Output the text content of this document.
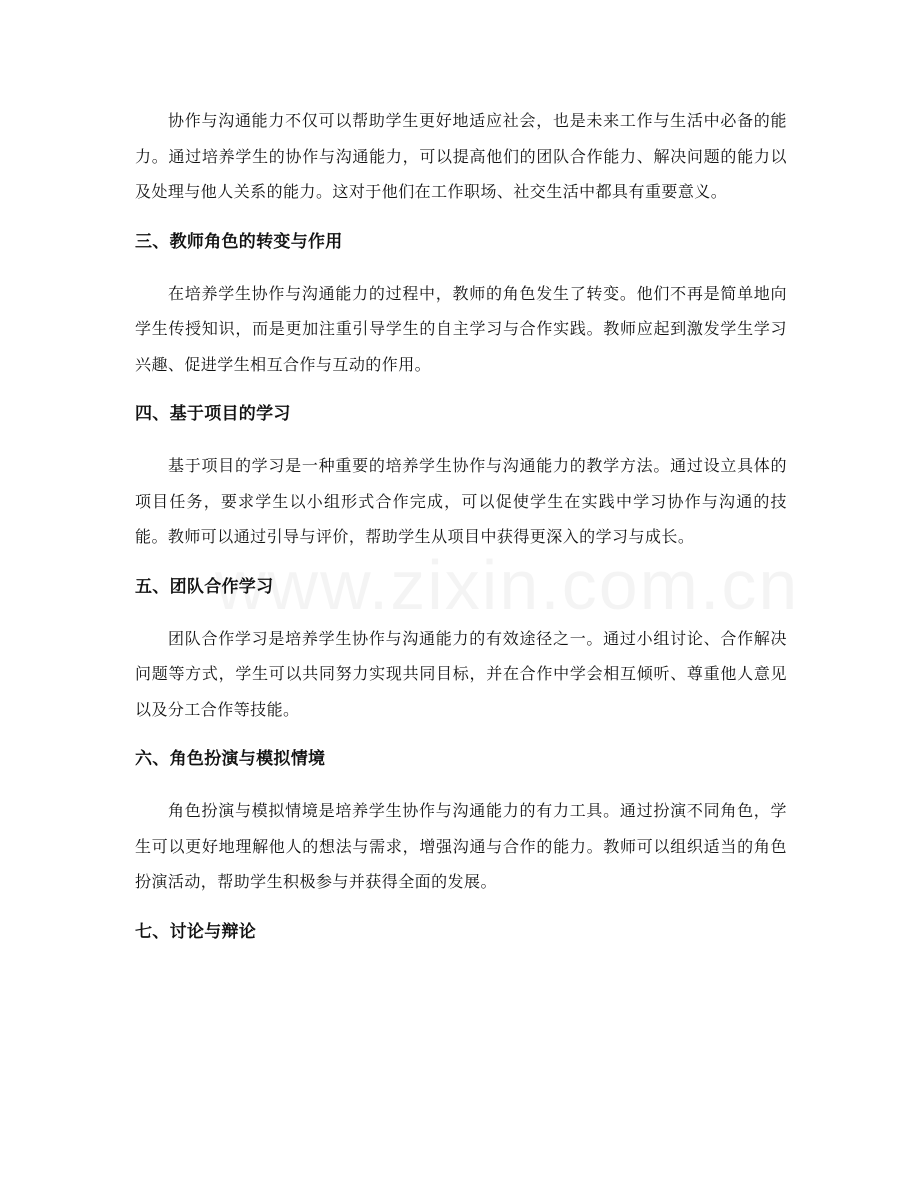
协作与沟通能力不仅可以帮助学生更好地适应社会，也是未来工作与生活中必备的能力。通过培养学生的协作与沟通能力，可以提高他们的团队合作能力、解决问题的能力以及处理与他人关系的能力。这对于他们在工作职场、社交生活中都具有重要意义。

三、教师角色的转变与作用

在培养学生协作与沟通能力的过程中，教师的角色发生了转变。他们不再是简单地向学生传授知识，而是更加注重引导学生的自主学习与合作实践。教师应起到激发学生学习兴趣、促进学生相互合作与互动的作用。

四、基于项目的学习

基于项目的学习是一种重要的培养学生协作与沟通能力的教学方法。通过设立具体的项目任务，要求学生以小组形式合作完成，可以促使学生在实践中学习协作与沟通的技能。教师可以通过引导与评价，帮助学生从项目中获得更深入的学习与成长。

五、团队合作学习

团队合作学习是培养学生协作与沟通能力的有效途径之一。通过小组讨论、合作解决问题等方式，学生可以共同努力实现共同目标，并在合作中学会相互倾听、尊重他人意见以及分工合作等技能。

六、角色扮演与模拟情境

角色扮演与模拟情境是培养学生协作与沟通能力的有力工具。通过扮演不同角色，学生可以更好地理解他人的想法与需求，增强沟通与合作的能力。教师可以组织适当的角色扮演活动，帮助学生积极参与并获得全面的发展。

七、讨论与辩论
